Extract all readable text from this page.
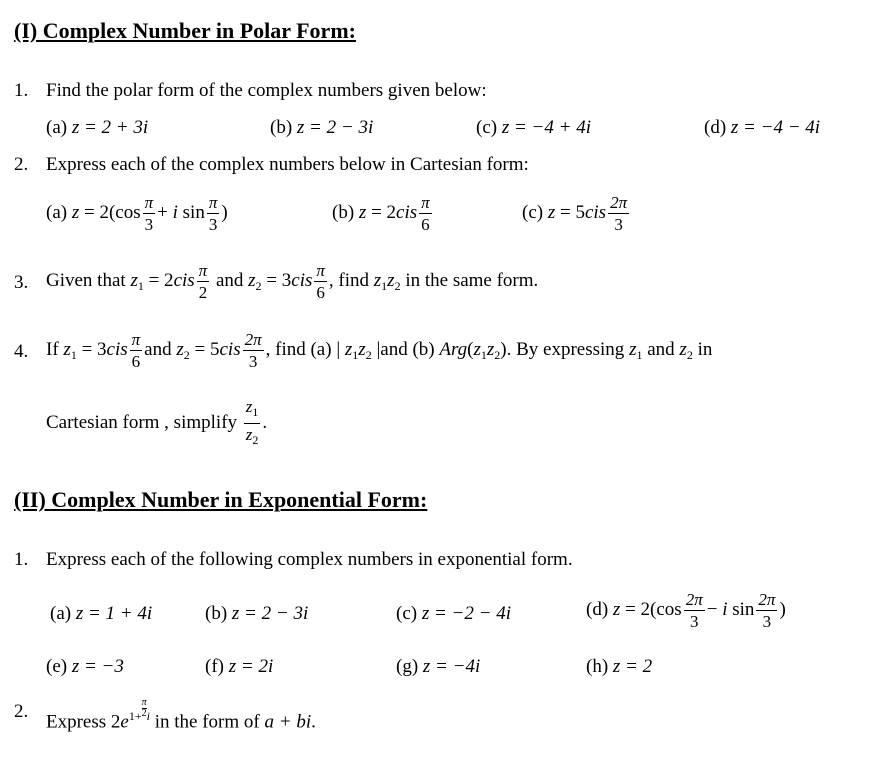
(I) Complex Number in Polar Form:
1. Find the polar form of the complex numbers given below:
(a) z = 2 + 3i	(b) z = 2 − 3i	(c) z = −4 + 4i	(d) z = −4 − 4i
2. Express each of the complex numbers below in Cartesian form:
(a) $z = 2(\cos \frac{\pi}{3} + i$ $\sin \frac{\pi}{3}$ )	(b) $z = 2cis \frac{\pi}{6}$	(c) $z = 5cis \frac{2\pi}{3}$
3. Given that $z_1 = 2cis \frac{\pi}{2}$ and $z_2 = 3cis \frac{\pi}{6}$ , find $z_1z_2$ in the same form.
4. If $z_1 = 3cis \frac{\pi}{6}$ and $z_2 = 5cis \frac{2\pi}{3}$ , find (a) | $z_1z_2$ |and (b) $Arg(z_1z_2)$. By expressing $z_1$ and $z_2$ in
Cartesian form , simplify $\frac{z_1}{z_2}$ .
(II) Complex Number in Exponential Form:
1. Express each of the following complex numbers in exponential form.
(a) z = 1 + 4i	(b) z = 2 − 3i	(c) z = −2 − 4i	(d) $z = 2(\cos \frac{2\pi}{3} - i$ $\sin \frac{2\pi}{3}$ )
(e) z = −3	(f) z = 2i	(g) z = −4i	(h) z = 2
2. Express $2e^{1+ \frac{\pi}{2} i}$ in the form of a + bi.
